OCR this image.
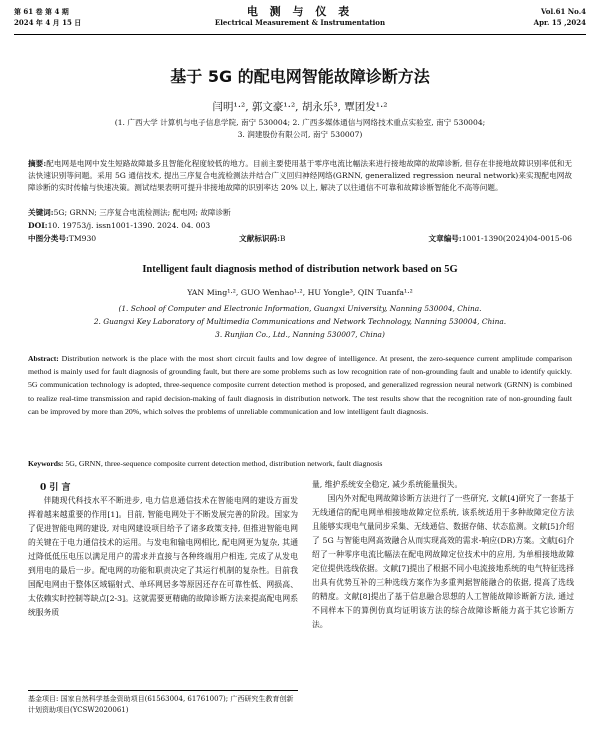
第 61 卷 第 4 期
2024 年 4 月 15 日
电 测 与 仪 表
Electrical Measurement & Instrumentation
Vol.61 No.4
Apr. 15 ,2024
基于 5G 的配电网智能故障诊断方法
闫明¹·², 郭文豪¹·², 胡永乐³, 覃团发¹·²
(1. 广西大学 计算机与电子信息学院, 南宁 530004; 2. 广西多媒体通信与网络技术重点实验室, 南宁 530004;
3. 润建股份有限公司, 南宁 530007)
摘要:配电网是电网中发生短路故障最多且智能化程度较低的地方。目前主要使用基于零序电流比幅法来进行接地故障的故障诊断, 但存在非接地故障识别率低和无法快速识别等问题。采用 5G 通信技术, 提出三序复合电流检测法并结合广义回归神经网络(GRNN, generalized regression neural network)来实现配电网故障诊断的实时传输与快速决策。测试结果表明可提升非接地故障的识别率达 20% 以上, 解决了以往通信不可靠和故障诊断智能化不高等问题。
关键词:5G; GRNN; 三序复合电流检测法; 配电网; 故障诊断
DOI:10. 19753/j. issn1001-1390. 2024. 04. 003
中图分类号:TM930	文献标识码:B	文章编号:1001-1390(2024)04-0015-06
Intelligent fault diagnosis method of distribution network based on 5G
YAN Ming¹·², GUO Wenhao¹·², HU Yongle³, QIN Tuanfa¹·²
(1. School of Computer and Electronic Information, Guangxi University, Nanning 530004, China.
2. Guangxi Key Laboratory of Multimedia Communications and Network Technology, Nanning 530004, China.
3. Runjian Co., Ltd., Nanning 530007, China)
Abstract: Distribution network is the place with the most short circuit faults and low degree of intelligence. At present, the zero-sequence current amplitude comparison method is mainly used for fault diagnosis of grounding fault, but there are some problems such as low recognition rate of non-grounding fault and unable to identify quickly. 5G communication technology is adopted, three-sequence composite current detection method is proposed, and generalized regression neural network (GRNN) is combined to realize real-time transmission and rapid decision-making of fault diagnosis in distribution network. The test results show that the recognition rate of non-grounding fault can be improved by more than 20%, which solves the problems of unreliable communication and low intelligent fault diagnosis.
Keywords: 5G, GRNN, three-sequence composite current detection method, distribution network, fault diagnosis
0 引 言

伴随现代科技水平不断进步, 电力信息通信技术在智能电网的建设方面发挥着越来越重要的作用[1]。目前, 智能电网处于不断发展完善的阶段。国家为了促进智能电网的建设, 对电网建设项目给予了诸多政策支持, 但推进智能电网的关键在于电力通信技术的运用。与发电和输电网相比, 配电网更为复杂, 其通过降低低压电压以满足用户的需求并直接与各种终端用户相连, 完成了从发电到用电的最后一步。配电网的功能和职责决定了其运行机制的复杂性。目前我国配电网由于整体区域辐射式、单环网居多等原因还存在可靠性低、网损高、太依赖实时控制等缺点[2-3]。这就需要更精确的故障诊断方法来提高配电网系统服务质

量, 维护系统安全稳定, 减少系统能量损失。

国内外对配电网故障诊断方法进行了一些研究, 文献[4]研究了一套基于无线通信的配电网单相接地故障定位系统, 该系统适用于多种故障定位方法且能够实现电气量同步采集、无线通信、数据存储、状态监测。文献[5]介绍了 5G 与智能电网高效融合从而实现高效的需求-响应(DR)方案。文献[6]介绍了一种零序电流比幅法在配电网故障定位技术中的应用, 为单相接地故障定位提供选线依据。文献[7]提出了根据不同小电流接地系统的电气特征选择出具有优势互补的三种选线方案作为多重判据智能融合的依据, 提高了选线的精度。文献[8]提出了基于信息融合思想的人工智能故障诊断新方法, 通过不同样本下的算例仿真均证明该方法的综合故障诊断能力高于其它诊断方法。

基金项目: 国家自然科学基金资助项目(61563004, 61761007); 广西研究生教育创新计划资助项目(YCSW2020061)
